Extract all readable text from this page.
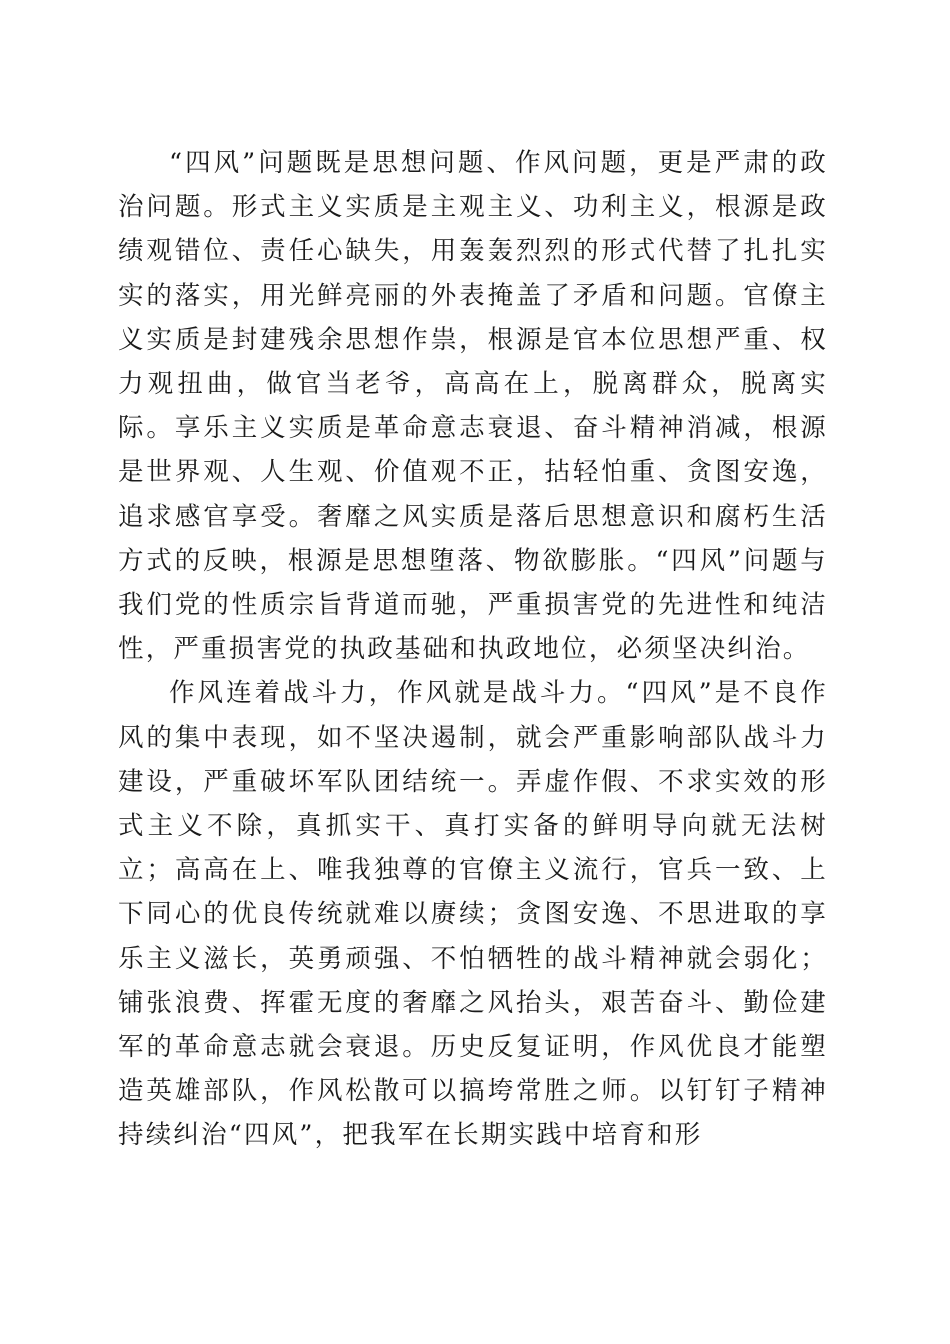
“四风”问题既是思想问题、作风问题，更是严肃的政治问题。形式主义实质是主观主义、功利主义，根源是政绩观错位、责任心缺失，用轰轰烈烈的形式代替了扎扎实实的落实，用光鲜亮丽的外表掩盖了矛盾和问题。官僚主义实质是封建残余思想作祟，根源是官本位思想严重、权力观扭曲，做官当老爷，高高在上，脱离群众，脱离实际。享乐主义实质是革命意志衰退、奋斗精神消减，根源是世界观、人生观、价值观不正，拈轻怕重、贪图安逸，追求感官享受。奢靡之风实质是落后思想意识和腐朽生活方式的反映，根源是思想堕落、物欲膨胀。“四风”问题与我们党的性质宗旨背道而驰，严重损害党的先进性和纯洁性，严重损害党的执政基础和执政地位，必须坚决纠治。

作风连着战斗力，作风就是战斗力。“四风”是不良作风的集中表现，如不坚决遏制，就会严重影响部队战斗力建设，严重破坏军队团结统一。弄虚作假、不求实效的形式主义不除，真抓实干、真打实备的鲜明导向就无法树立；高高在上、唯我独尊的官僚主义流行，官兵一致、上下同心的优良传统就难以赓续；贪图安逸、不思进取的享乐主义滋长，英勇顽强、不怕牺牲的战斗精神就会弱化；铺张浪费、挥霍无度的奢靡之风抬头，艰苦奋斗、勤俭建军的革命意志就会衰退。历史反复证明，作风优良才能塑造英雄部队，作风松散可以搞垮常胜之师。以钉钉子精神持续纠治“四风”，把我军在长期实践中培育和形
